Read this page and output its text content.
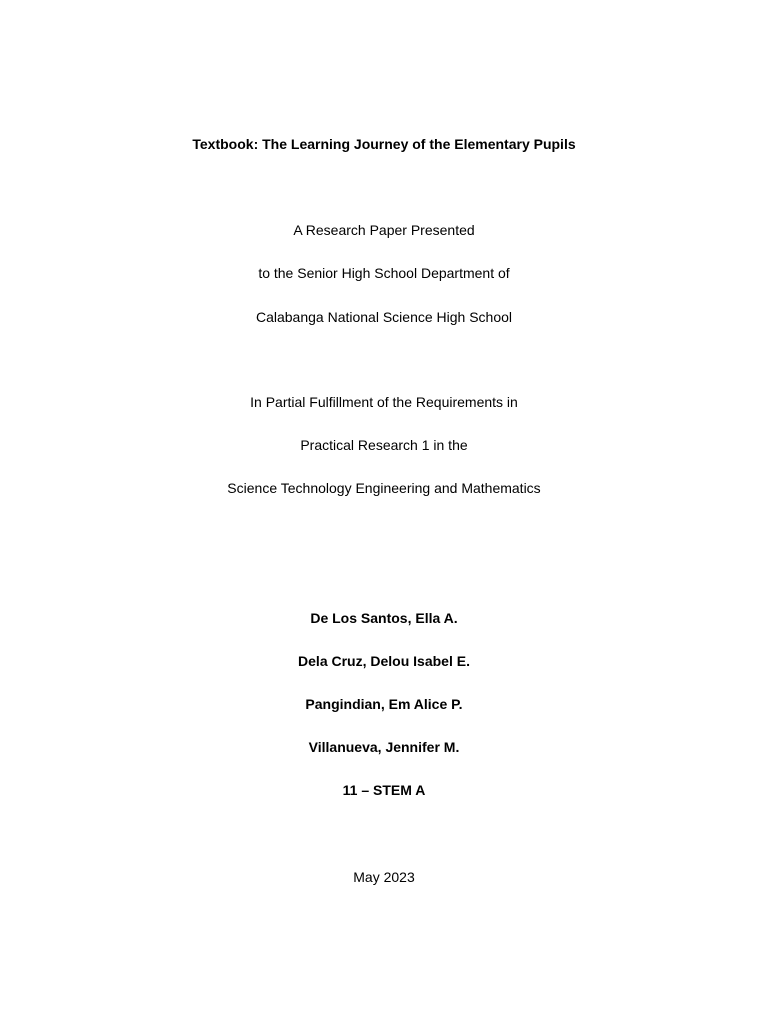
Textbook: The Learning Journey of the Elementary Pupils
A Research Paper Presented
to the Senior High School Department of
Calabanga National Science High School
In Partial Fulfillment of the Requirements in
Practical Research 1 in the
Science Technology Engineering and Mathematics
De Los Santos, Ella A.
Dela Cruz, Delou Isabel E.
Pangindian, Em Alice P.
Villanueva, Jennifer M.
11 – STEM A
May 2023
